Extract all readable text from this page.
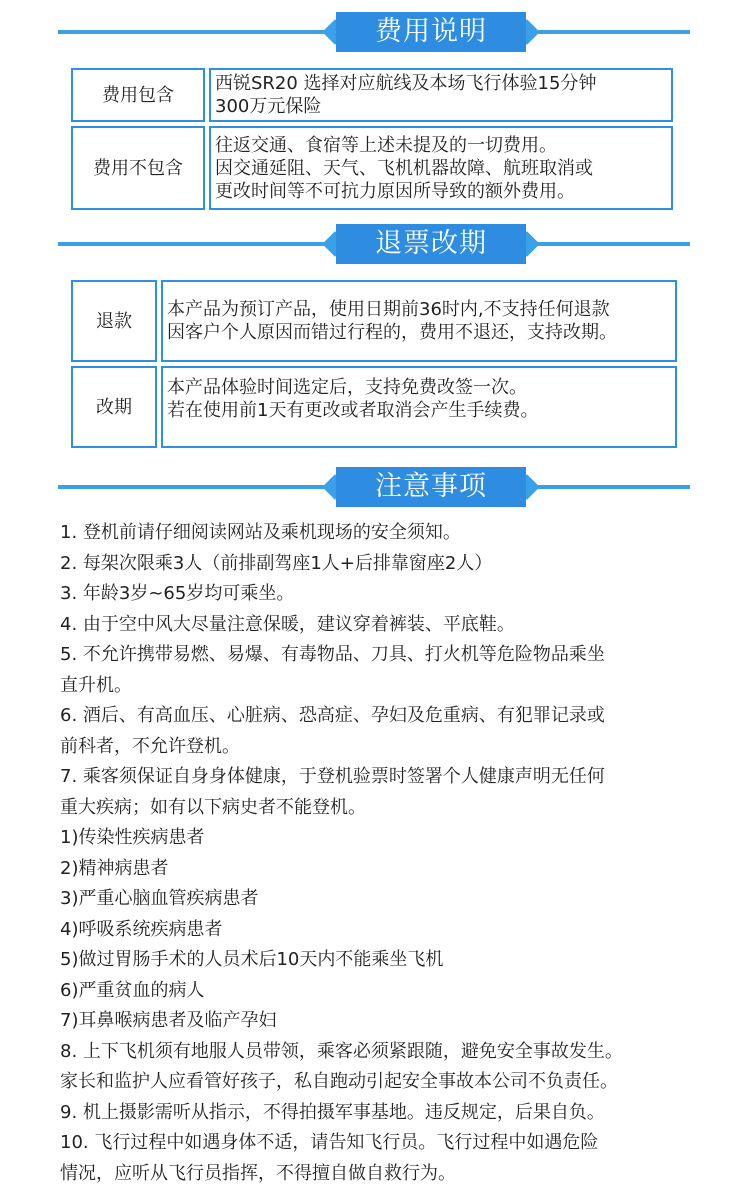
费用说明
费用包含	西锐SR20 选择对应航线及本场飞行体验15分钟
300万元保险

费用不包含	往返交通、食宿等上述未提及的一切费用。
因交通延阻、天气、飞机机器故障、航班取消或
更改时间等不可抗力原因所导致的额外费用。
退票改期
退款	本产品为预订产品，使用日期前36时内,不支持任何退款
因客户个人原因而错过行程的，费用不退还，支持改期。

改期	本产品体验时间选定后，支持免费改签一次。
若在使用前1天有更改或者取消会产生手续费。
注意事项
1. 登机前请仔细阅读网站及乘机现场的安全须知。
2. 每架次限乘3人（前排副驾座1人+后排靠窗座2人）
3. 年龄3岁~65岁均可乘坐。
4. 由于空中风大尽量注意保暖，建议穿着裤装、平底鞋。
5. 不允许携带易燃、易爆、有毒物品、刀具、打火机等危险物品乘坐
直升机。
6. 酒后、有高血压、心脏病、恐高症、孕妇及危重病、有犯罪记录或
前科者，不允许登机。
7. 乘客须保证自身身体健康，于登机验票时签署个人健康声明无任何
重大疾病；如有以下病史者不能登机。
1)传染性疾病患者
2)精神病患者
3)严重心脑血管疾病患者
4)呼吸系统疾病患者
5)做过胃肠手术的人员术后10天内不能乘坐飞机
6)严重贫血的病人
7)耳鼻喉病患者及临产孕妇
8. 上下飞机须有地服人员带领，乘客必须紧跟随，避免安全事故发生。
家长和监护人应看管好孩子，私自跑动引起安全事故本公司不负责任。
9. 机上摄影需听从指示，不得拍摄军事基地。违反规定，后果自负。
10. 飞行过程中如遇身体不适，请告知飞行员。飞行过程中如遇危险
情况，应听从飞行员指挥，不得擅自做自救行为。
